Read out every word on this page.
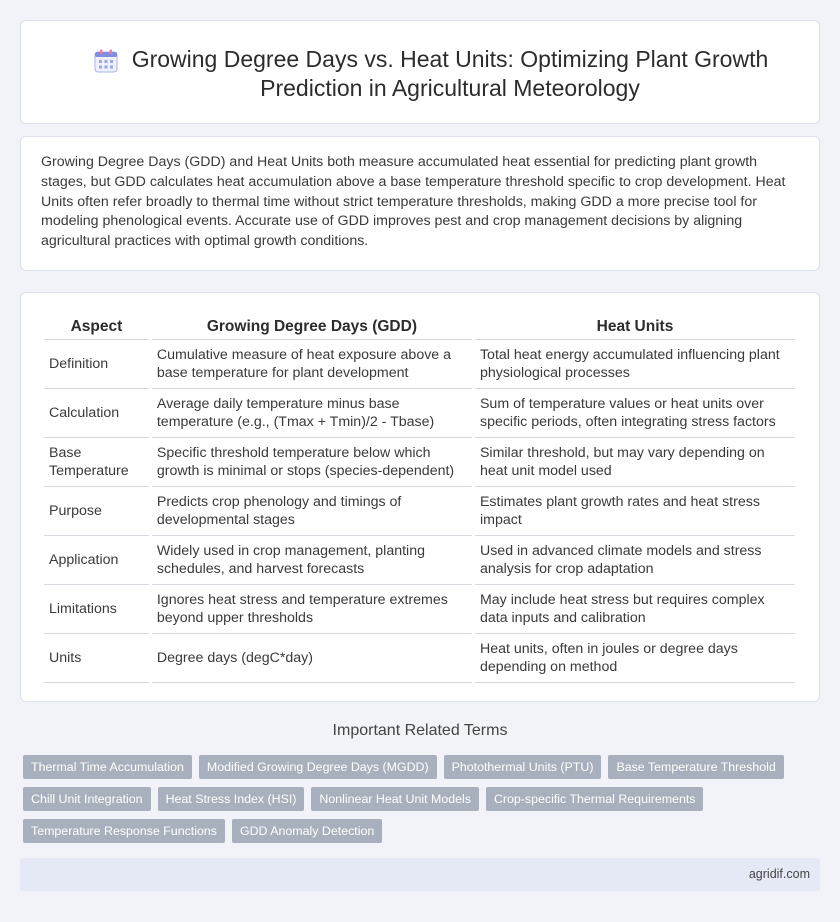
Growing Degree Days vs. Heat Units: Optimizing Plant Growth Prediction in Agricultural Meteorology

Growing Degree Days (GDD) and Heat Units both measure accumulated heat essential for predicting plant growth stages, but GDD calculates heat accumulation above a base temperature threshold specific to crop development. Heat Units often refer broadly to thermal time without strict temperature thresholds, making GDD a more precise tool for modeling phenological events. Accurate use of GDD improves pest and crop management decisions by aligning agricultural practices with optimal growth conditions.

Aspect	Growing Degree Days (GDD)	Heat Units
Definition	Cumulative measure of heat exposure above a base temperature for plant development	Total heat energy accumulated influencing plant physiological processes
Calculation	Average daily temperature minus base temperature (e.g., (Tmax + Tmin)/2 - Tbase)	Sum of temperature values or heat units over specific periods, often integrating stress factors
Base Temperature	Specific threshold temperature below which growth is minimal or stops (species-dependent)	Similar threshold, but may vary depending on heat unit model used
Purpose	Predicts crop phenology and timings of developmental stages	Estimates plant growth rates and heat stress impact
Application	Widely used in crop management, planting schedules, and harvest forecasts	Used in advanced climate models and stress analysis for crop adaptation
Limitations	Ignores heat stress and temperature extremes beyond upper thresholds	May include heat stress but requires complex data inputs and calibration
Units	Degree days (degC*day)	Heat units, often in joules or degree days depending on method
Important Related Terms
Thermal Time Accumulation	Modified Growing Degree Days (MGDD)	Photothermal Units (PTU)	Base Temperature Threshold
Chill Unit Integration	Heat Stress Index (HSI)	Nonlinear Heat Unit Models	Crop-specific Thermal Requirements
Temperature Response Functions	GDD Anomaly Detection
agridif.com
